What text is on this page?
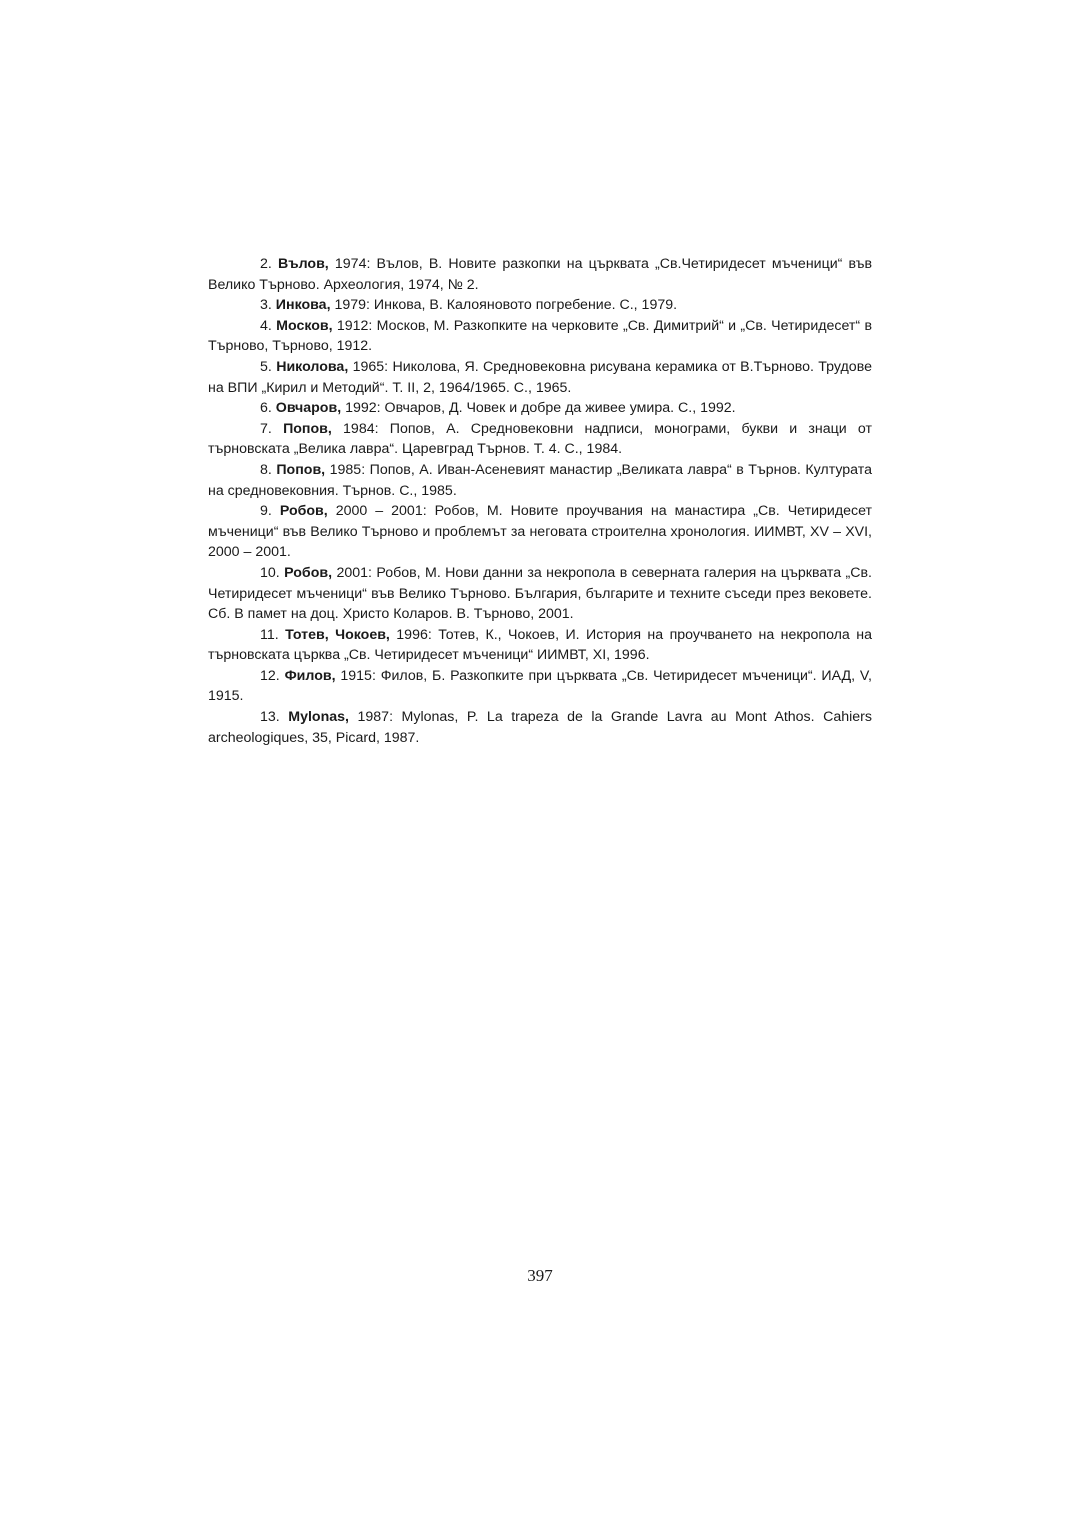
2. Вълов, 1974: Вълов, В. Новите разкопки на църквата „Св.Четиридесет мъченици“ във Велико Търново. Археология, 1974, № 2.

3. Инкова, 1979: Инкова, В. Калояновото погребение. С., 1979.

4. Москов, 1912: Москов, М. Разкопките на черковите „Св. Димитрий“ и „Св. Четиридесет“ в Търново, Търново, 1912.

5. Николова, 1965: Николова, Я. Средновековна рисувана керамика от В.Търново. Трудове на ВПИ „Кирил и Методий“. Т. II, 2, 1964/1965. С., 1965.

6. Овчаров, 1992: Овчаров, Д. Човек и добре да живее умира. С., 1992.

7. Попов, 1984: Попов, А. Средновековни надписи, монограми, букви и знаци от търновската „Велика лавра“. Царевград Търнов. Т. 4. С., 1984.

8. Попов, 1985: Попов, А. Иван-Асеневият манастир „Великата лавра“ в Търнов. Културата на средновековния. Търнов. С., 1985.

9. Робов, 2000 – 2001: Робов, М. Новите проучвания на манастира „Св. Четиридесет мъченици“ във Велико Търново и проблемът за неговата строителна хронология. ИИМВТ, XV – XVI, 2000 – 2001.

10. Робов, 2001: Робов, М. Нови данни за некропола в северната галерия на църквата „Св. Четиридесет мъченици“ във Велико Търново. България, българите и техните съседи през вековете. Сб. В памет на доц. Христо Коларов. В. Търново, 2001.

11. Тотев, Чокоев, 1996: Тотев, К., Чокоев, И. История на проучването на некропола на търновската църква „Св. Четиридесет мъченици“ ИИМВТ, XI, 1996.

12. Филов, 1915: Филов, Б. Разкопките при църквата „Св. Четиридесет мъченици“. ИАД, V, 1915.

13. Mylonas, 1987: Mylonas, P. La trapeza de la Grande Lavra au Mont Athos. Cahiers archeologiques, 35, Picard, 1987.

397
